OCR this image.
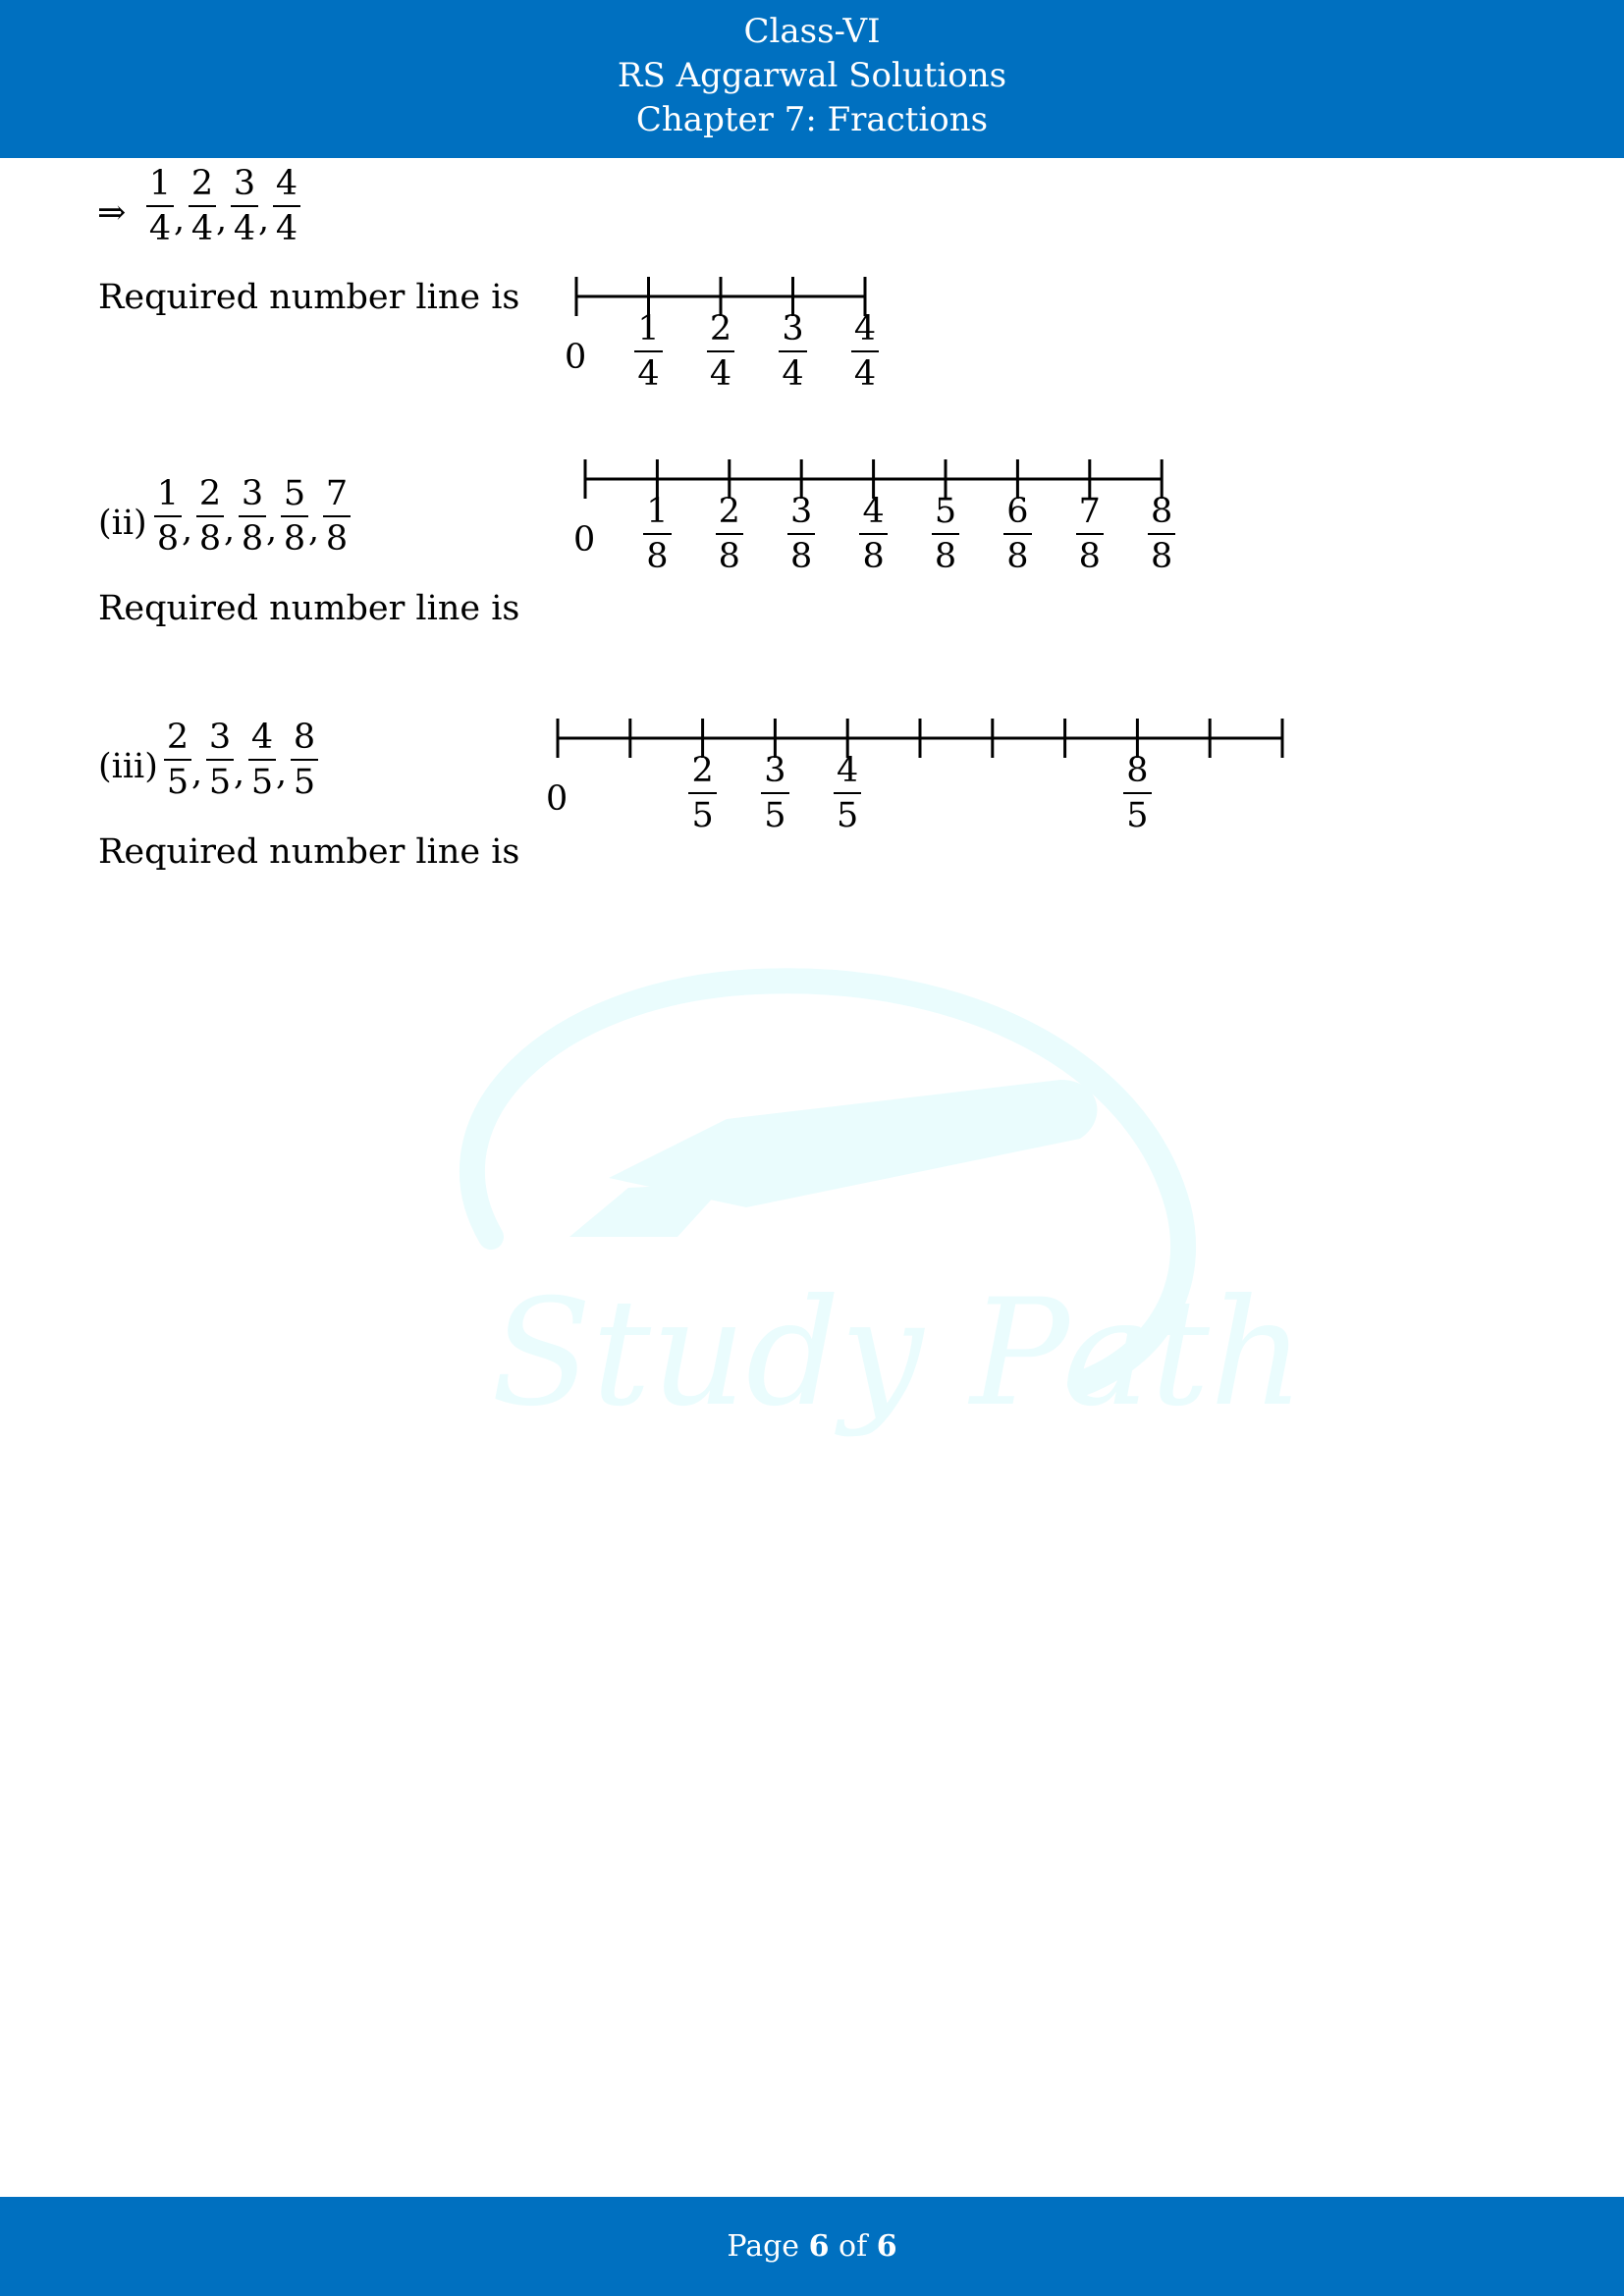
Class-VI
RS Aggarwal Solutions
Chapter 7: Fractions
Study Path
⇒ $\frac{1}{4}$ , $\frac{2}{4}$ , $\frac{3}{4}$ , $\frac{4}{4}$
Required number line is
$0 \frac{1}{4} \frac{2}{4} \frac{3}{4} \frac{4}{4}$
$(ii) \frac{1}{8}$ , $\frac{2}{8}$ , $\frac{3}{8}$ , $\frac{5}{8}$ , $\frac{7}{8}$
Required number line is
$0 \frac{1}{8} \frac{2}{8} \frac{3}{8} \frac{4}{8} \frac{5}{8} \frac{6}{8} \frac{7}{8} \frac{8}{8}$
$(iii) \frac{2}{5}$ , $\frac{3}{5}$ , $\frac{4}{5}$ , $\frac{8}{5}$
Required number line is
0	$\frac{2}{5} \frac{3}{5} \frac{4}{5}$	$\frac{8}{5}$
Page 6 of 6
